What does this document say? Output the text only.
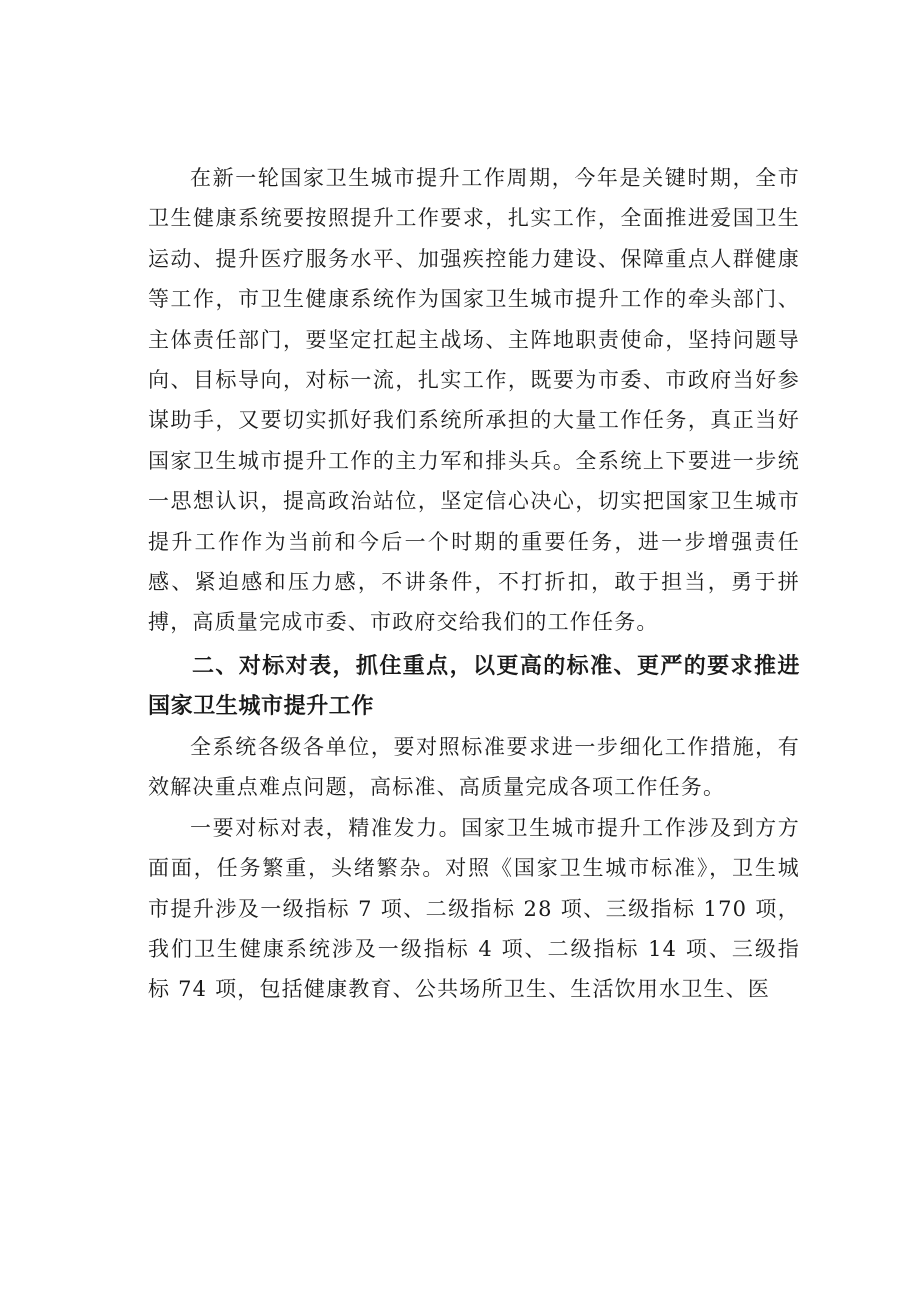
在新一轮国家卫生城市提升工作周期，今年是关键时期，全市卫生健康系统要按照提升工作要求，扎实工作，全面推进爱国卫生运动、提升医疗服务水平、加强疾控能力建设、保障重点人群健康等工作，市卫生健康系统作为国家卫生城市提升工作的牵头部门、主体责任部门，要坚定扛起主战场、主阵地职责使命，坚持问题导向、目标导向，对标一流，扎实工作，既要为市委、市政府当好参谋助手，又要切实抓好我们系统所承担的大量工作任务，真正当好国家卫生城市提升工作的主力军和排头兵。全系统上下要进一步统一思想认识，提高政治站位，坚定信心决心，切实把国家卫生城市提升工作作为当前和今后一个时期的重要任务，进一步增强责任感、紧迫感和压力感，不讲条件，不打折扣，敢于担当，勇于拼搏，高质量完成市委、市政府交给我们的工作任务。

二、对标对表，抓住重点，以更高的标准、更严的要求推进国家卫生城市提升工作

全系统各级各单位，要对照标准要求进一步细化工作措施，有效解决重点难点问题，高标准、高质量完成各项工作任务。

一要对标对表，精准发力。国家卫生城市提升工作涉及到方方面面，任务繁重，头绪繁杂。对照《国家卫生城市标准》，卫生城市提升涉及一级指标 7 项、二级指标 28 项、三级指标 170 项，我们卫生健康系统涉及一级指标 4 项、二级指标 14 项、三级指标 74 项，包括健康教育、公共场所卫生、生活饮用水卫生、医
